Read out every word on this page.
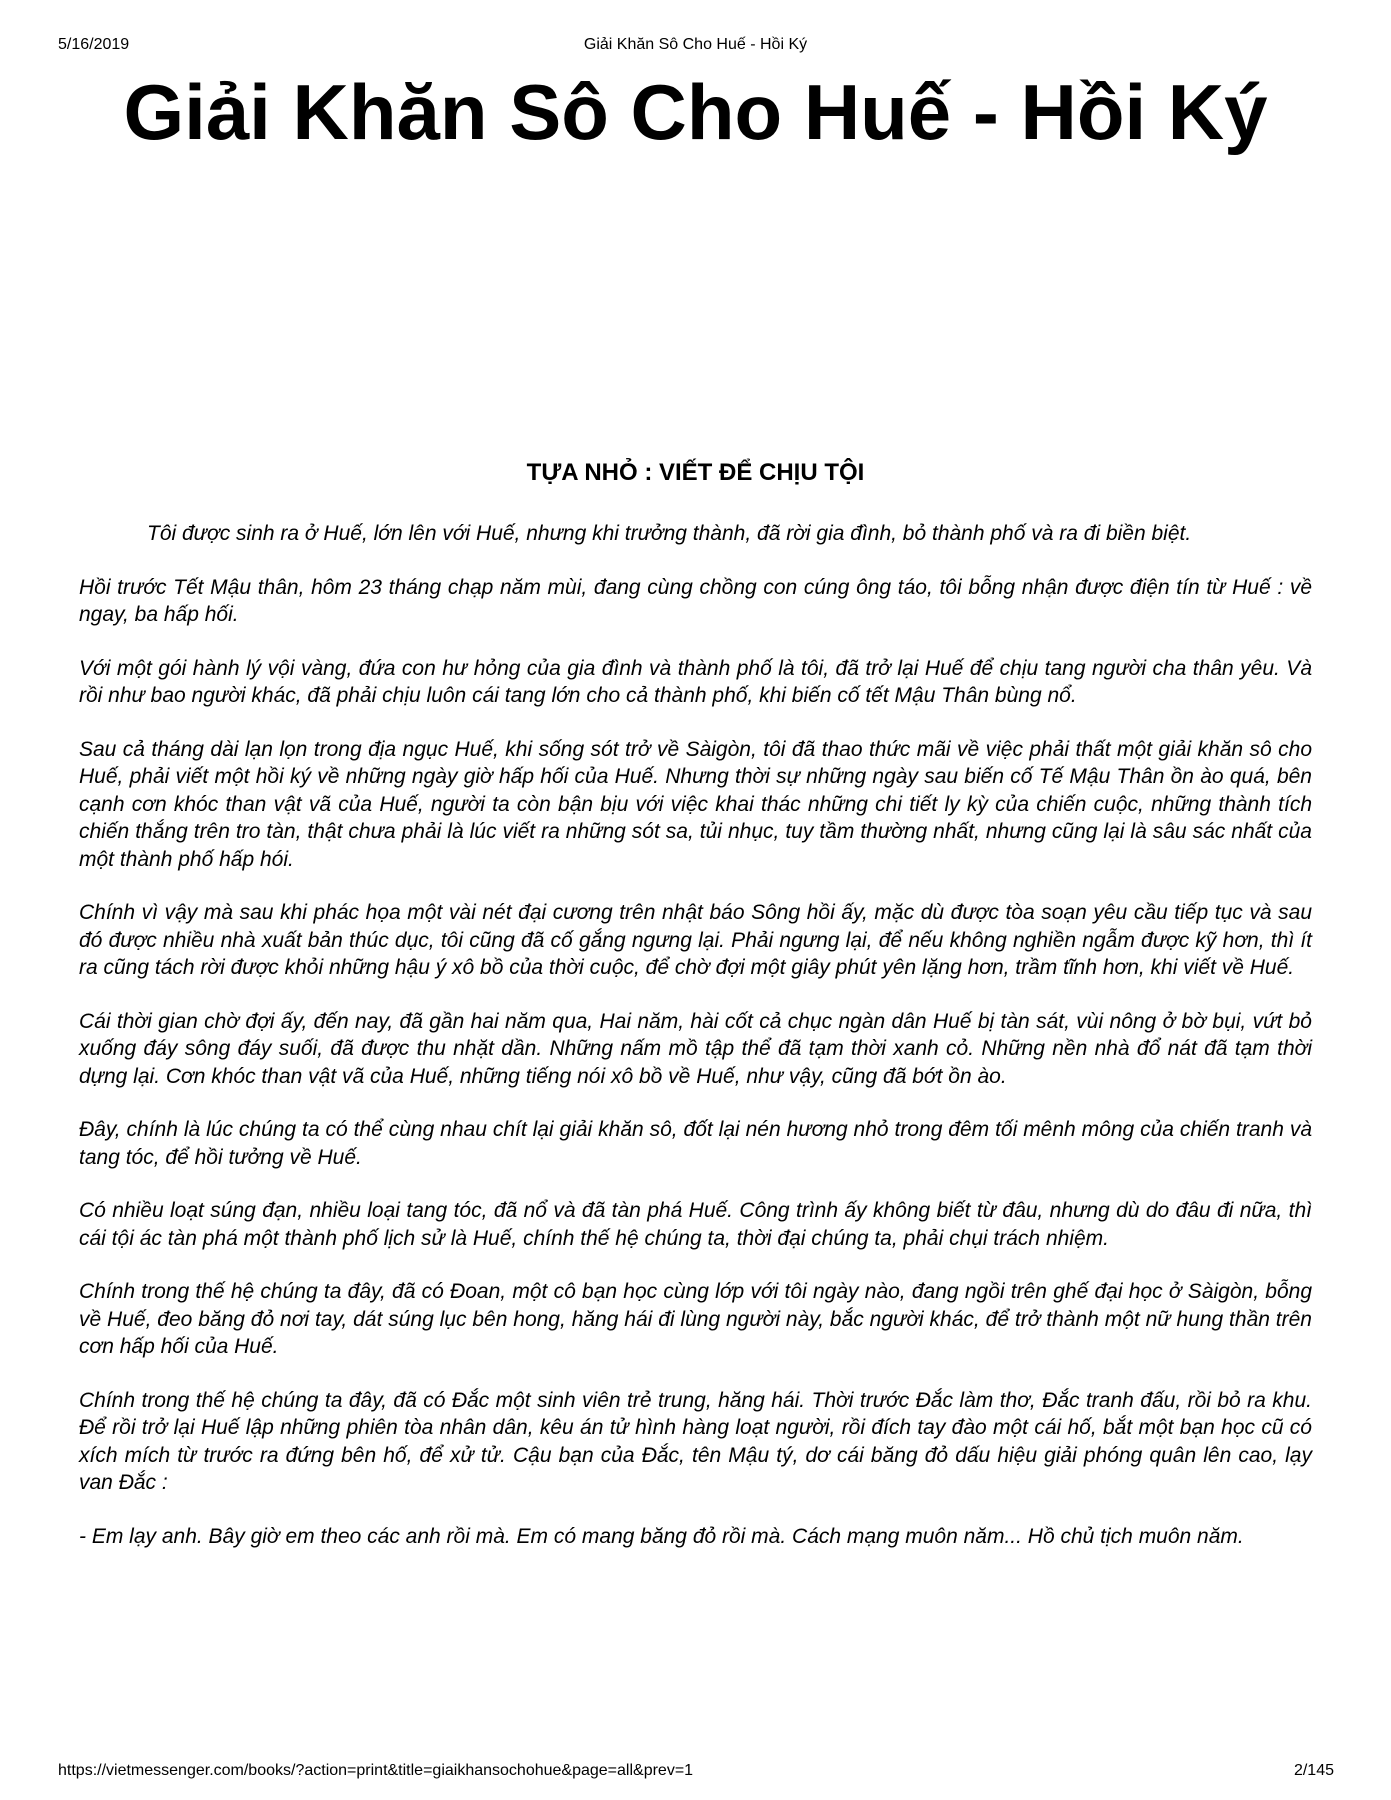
5/16/2019	Giải Khăn Sô Cho Huế - Hồi Ký
Giải Khăn Sô Cho Huế - Hồi Ký
TỰA NHỎ : VIẾT ĐỂ CHỊU TỘI

Tôi được sinh ra ở Huế, lớn lên với Huế, nhưng khi trưởng thành, đã rời gia đình, bỏ thành phố và ra đi biền biệt.

Hồi trước Tết Mậu thân, hôm 23 tháng chạp năm mùi, đang cùng chồng con cúng ông táo, tôi bỗng nhận được điện tín từ Huế : về ngay, ba hấp hối.

Với một gói hành lý vội vàng, đứa con hư hỏng của gia đình và thành phố là tôi, đã trở lại Huế để chịu tang người cha thân yêu. Và rồi như bao người khác, đã phải chịu luôn cái tang lớn cho cả thành phố, khi biến cố tết Mậu Thân bùng nổ.

Sau cả tháng dài lạn lọn trong địa ngục Huế, khi sống sót trở về Sàigòn, tôi đã thao thức mãi về việc phải thất một giải khăn sô cho Huế, phải viết một hồi ký về những ngày giờ hấp hối của Huế. Nhưng thời sự những ngày sau biến cố Tế Mậu Thân ồn ào quá, bên cạnh cơn khóc than vật vã của Huế, người ta còn bận bịu với việc khai thác những chi tiết ly kỳ của chiến cuộc, những thành tích chiến thắng trên tro tàn, thật chưa phải là lúc viết ra những sót sa, tủi nhục, tuy tầm thường nhất, nhưng cũng lại là sâu sác nhất của một thành phố hấp hói.

Chính vì vậy mà sau khi phác họa một vài nét đại cương trên nhật báo Sông hồi ấy, mặc dù được tòa soạn yêu cầu tiếp tục và sau đó được nhiều nhà xuất bản thúc dục, tôi cũng đã cố gắng ngưng lại. Phải ngưng lại, để nếu không nghiền ngẫm được kỹ hơn, thì ít ra cũng tách rời được khỏi những hậu ý xô bồ của thời cuộc, để chờ đợi một giây phút yên lặng hơn, trầm tĩnh hơn, khi viết về Huế.

Cái thời gian chờ đợi ấy, đến nay, đã gần hai năm qua, Hai năm, hài cốt cả chục ngàn dân Huế bị tàn sát, vùi nông ở bờ bụi, vứt bỏ xuống đáy sông đáy suối, đã được thu nhặt dần. Những nấm mồ tập thể đã tạm thời xanh cỏ. Những nền nhà đổ nát đã tạm thời dựng lại. Cơn khóc than vật vã của Huế, những tiếng nói xô bồ về Huế, như vậy, cũng đã bớt ồn ào.

Đây, chính là lúc chúng ta có thể cùng nhau chít lại giải khăn sô, đốt lại nén hương nhỏ trong đêm tối mênh mông của chiến tranh và tang tóc, để hồi tưởng về Huế.

Có nhiều loạt súng đạn, nhiều loại tang tóc, đã nổ và đã tàn phá Huế. Công trình ấy không biết từ đâu, nhưng dù do đâu đi nữa, thì cái tội ác tàn phá một thành phố lịch sử là Huế, chính thế hệ chúng ta, thời đại chúng ta, phải chụi trách nhiệm.

Chính trong thế hệ chúng ta đây, đã có Đoan, một cô bạn học cùng lớp với tôi ngày nào, đang ngồi trên ghế đại học ở Sàigòn, bỗng về Huế, đeo băng đỏ nơi tay, dát súng lục bên hong, hăng hái đi lùng người này, bắc người khác, để trở thành một nữ hung thần trên cơn hấp hối của Huế.

Chính trong thế hệ chúng ta đây, đã có Đắc một sinh viên trẻ trung, hăng hái. Thời trước Đắc làm thơ, Đắc tranh đấu, rồi bỏ ra khu. Để rồi trở lại Huế lập những phiên tòa nhân dân, kêu án tử hình hàng loạt người, rồi đích tay đào một cái hố, bắt một bạn học cũ có xích mích từ trước ra đứng bên hố, để xử tử. Cậu bạn của Đắc, tên Mậu tý, dơ cái băng đỏ dấu hiệu giải phóng quân lên cao, lạy van Đắc :

- Em lạy anh. Bây giờ em theo các anh rồi mà. Em có mang băng đỏ rồi mà. Cách mạng muôn năm... Hồ chủ tịch muôn năm.

https://vietmessenger.com/books/?action=print&title=giaikhansochohue&page=all&prev=1	2/145
